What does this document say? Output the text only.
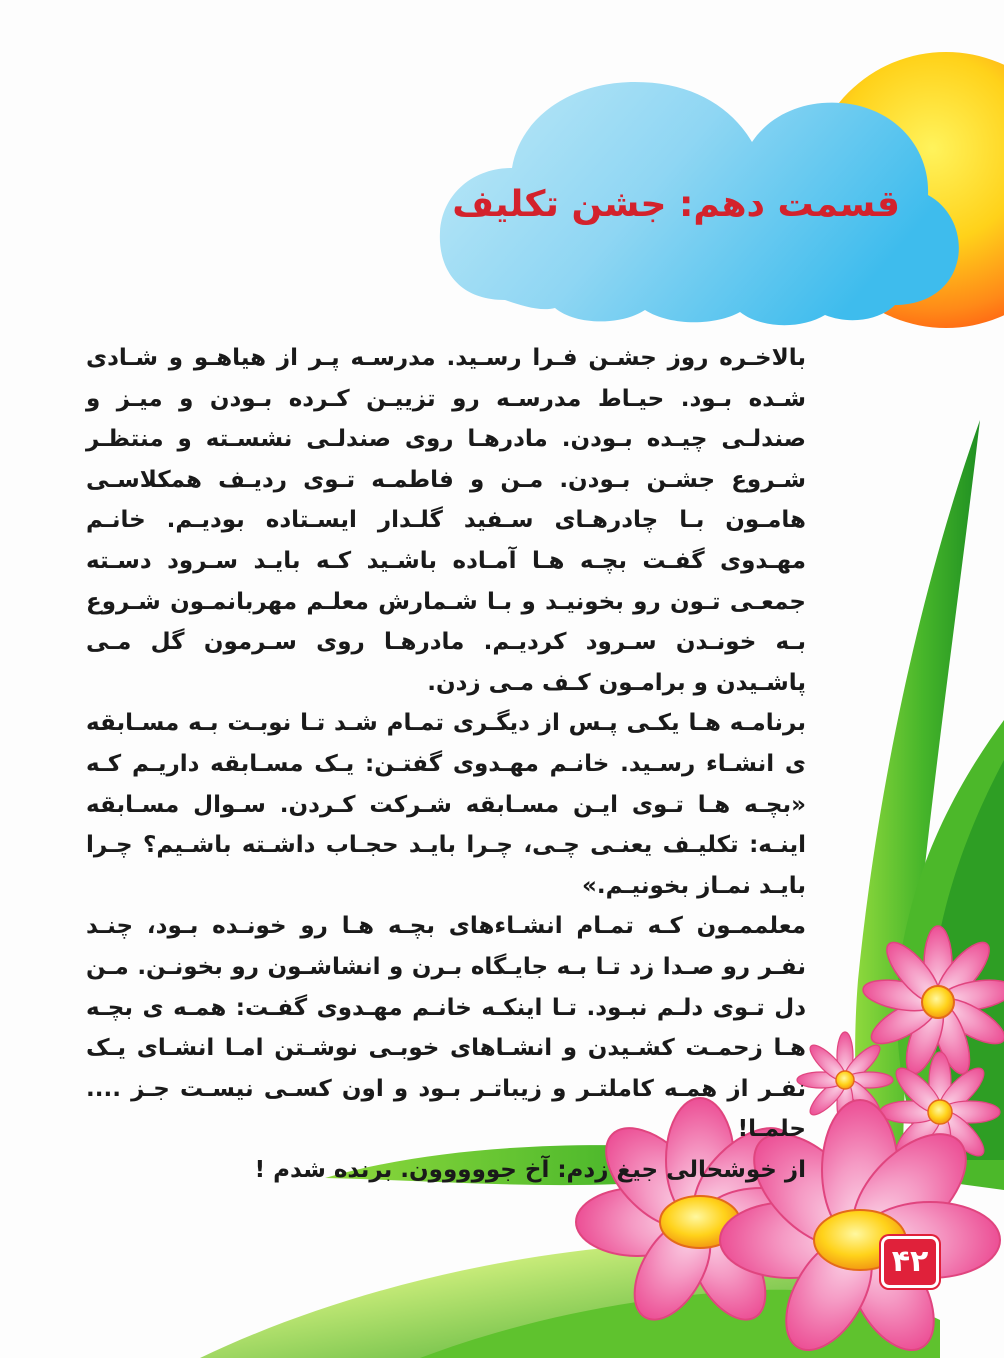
قسمت دهم: جشن تکلیف

بالاخـره روز جشـن فـرا رسـید. مدرسـه پـر از هیاهـو و شـادی شـده بـود. حیـاط مدرسـه رو تزییـن کـرده بـودن و میـز و صندلـی چیـده بـودن. مادرهـا روی صندلـی نشسـته و منتظـر شـروع جشـن بـودن. مـن و فاطمـه تـوی ردیـف همکلاسـی هامـون بـا چادرهـای سـفید گلـدار ایسـتاده بودیـم. خانـم مهـدوی گفـت بچـه هـا آمـاده باشـید کـه بایـد سـرود دسـته جمعـی تـون رو بخونیـد و بـا شـمارش معلـم مهربانمـون شـروع بـه خونـدن سـرود کردیـم. مادرهـا روی سـرمون گل مـی پاشـیدن و برامـون کـف مـی زدن.

برنامـه هـا یکـی پـس از دیگـری تمـام شـد تـا نوبـت بـه مسـابقه ی انشـاء رسـید. خانـم مهـدوی گفتـن: یـک مسـابقه داریـم کـه «بچـه هـا تـوی ایـن مسـابقه شـرکت کـردن. سـوال مسـابقه اینـه: تکلیـف یعنـی چـی، چـرا بایـد حجـاب داشـته باشـیم؟ چـرا بایـد نمـاز بخونیـم.»

معلممـون کـه تمـام انشـاءهای بچـه هـا رو خونـده بـود، چنـد نفـر رو صـدا زد تـا بـه جایـگاه بـرن و انشاشـون رو بخونـن. مـن دل تـوی دلـم نبـود. تـا اینکـه خانـم مهـدوی گفـت: همـه ی بچـه هـا زحمـت کشـیدن و انشـاهای خوبـی نوشـتن امـا انشـای یـک نفـر از همـه کاملتـر و زیباتـر بـود و اون کسـی نیسـت جـز .... حلمـا!

از خوشحالی جیغ زدم: آخ جووووون. برنده شدم !

۴۲
